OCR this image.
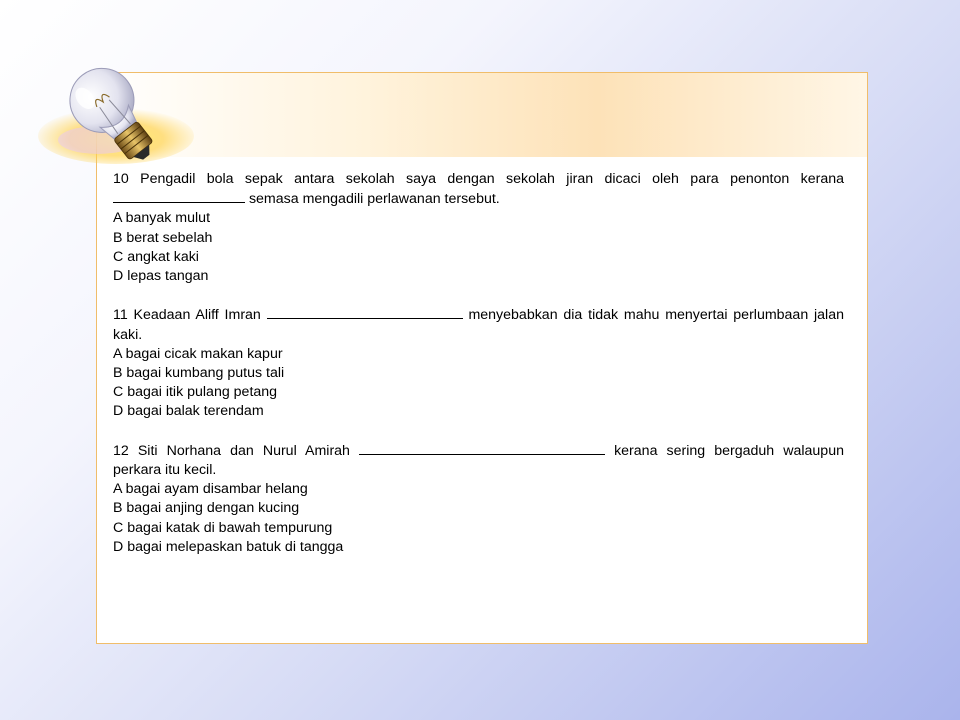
10 Pengadil bola sepak antara sekolah saya dengan sekolah jiran dicaci oleh para penonton kerana  semasa mengadili perlawanan tersebut.

A banyak mulut

B berat sebelah

C angkat kaki

D lepas tangan

11 Keadaan Aliff Imran	menyebabkan dia tidak mahu menyertai perlumbaan jalan kaki.

A bagai cicak makan kapur

B bagai kumbang putus tali

C bagai itik pulang petang

D bagai balak terendam

12 Siti Norhana dan Nurul Amirah	kerana sering bergaduh walaupun perkara itu kecil.

A bagai ayam disambar helang

B bagai anjing dengan kucing

C bagai katak di bawah tempurung

D bagai melepaskan batuk di tangga
